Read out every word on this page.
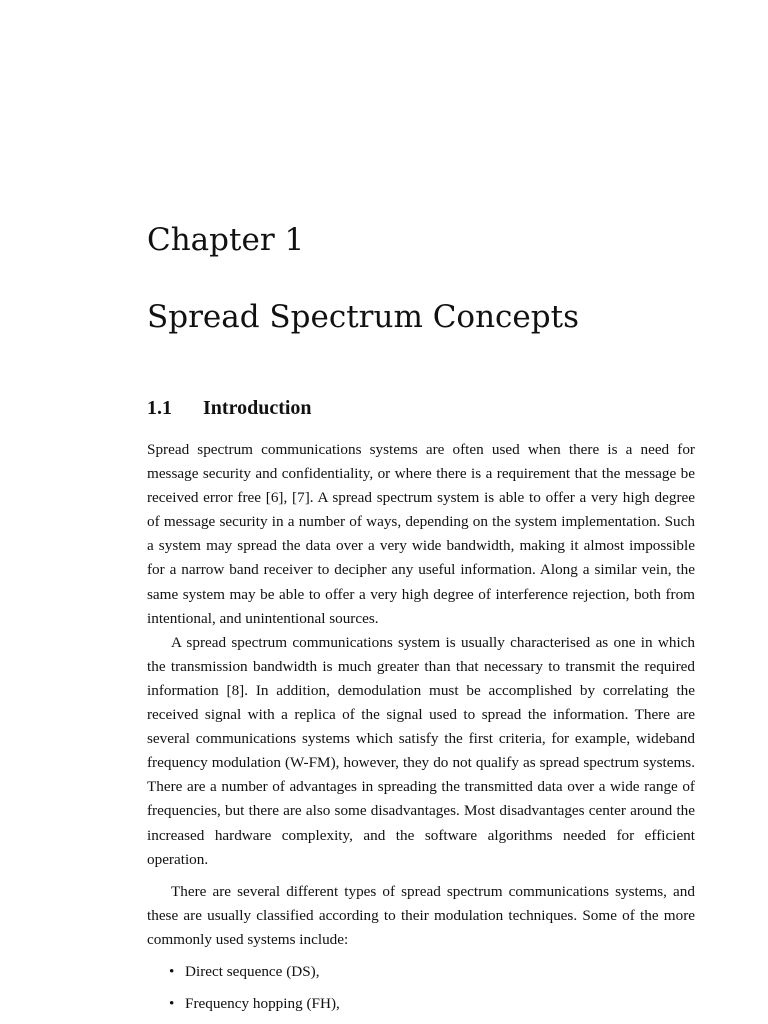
Chapter 1
Spread Spectrum Concepts
1.1 Introduction

Spread spectrum communications systems are often used when there is a need for message security and confidentiality, or where there is a requirement that the message be received error free [6], [7]. A spread spectrum system is able to offer a very high degree of message security in a number of ways, depending on the system implementation. Such a system may spread the data over a very wide bandwidth, making it almost impossible for a narrow band receiver to decipher any useful information. Along a similar vein, the same system may be able to offer a very high degree of interference rejection, both from intentional, and unintentional sources.

A spread spectrum communications system is usually characterised as one in which the transmission bandwidth is much greater than that necessary to transmit the required information [8]. In addition, demodulation must be accomplished by correlating the received signal with a replica of the signal used to spread the information. There are several communications systems which satisfy the first criteria, for example, wideband frequency modulation (W-FM), however, they do not qualify as spread spectrum systems. There are a number of advantages in spreading the transmitted data over a wide range of frequencies, but there are also some disadvantages. Most disadvantages center around the increased hardware complexity, and the software algorithms needed for efficient operation.

There are several different types of spread spectrum communications systems, and these are usually classified according to their modulation techniques. Some of the more commonly used systems include:

• Direct sequence (DS),
• Frequency hopping (FH),
